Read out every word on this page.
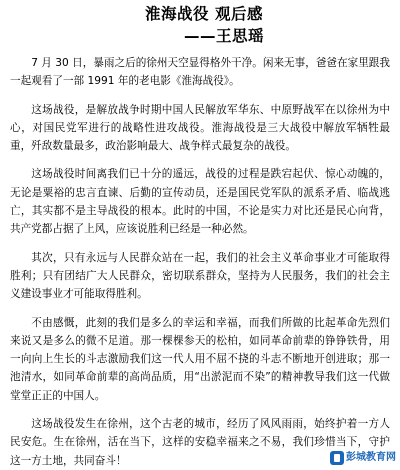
淮海战役 观后感
——王思瑶

7 月 30 日，暴雨之后的徐州天空显得格外干净。闲来无事，爸爸在家里跟我一起观看了一部 1991 年的老电影《淮海战役》。

这场战役，是解放战争时期中国人民解放军华东、中原野战军在以徐州为中心，对国民党军进行的战略性进攻战役。淮海战役是三大战役中解放军牺牲最重，歼敌数量最多，政治影响最大、战争样式最复杂的战役。

这场战役时间离我们已十分的遥远，战役的过程是跌宕起伏、惊心动魄的，无论是粟裕的忠言直谏、后勤的宣传动员，还是国民党军队的派系矛盾、临战逃亡，其实都不是主导战役的根本。此时的中国，不论是实力对比还是民心向背，共产党都占据了上风，应该说胜利已经是一种必然。

其次，只有永远与人民群众站在一起，我们的社会主义革命事业才可能取得胜利；只有团结广大人民群众，密切联系群众，坚持为人民服务，我们的社会主义建设事业才可能取得胜利。

不由感慨，此刻的我们是多么的幸运和幸福，而我们所做的比起革命先烈们来说又是多么的微不足道。那一棵棵参天的松柏，如同革命前辈的铮铮铁骨，用一向向上生长的斗志激励我们这一代人用不屈不挠的斗志不断地开创进取；那一池清水，如同革命前辈的高尚品质，用“出淤泥而不染”的精神教导我们这一代做堂堂正正的中国人。

这场战役发生在徐州，这个古老的城市，经历了风风雨雨，始终护着一方人民安危。生在徐州，活在当下，这样的安稳幸福来之不易，我们珍惜当下，守护这一方土地，共同奋斗！	彭城教育网
